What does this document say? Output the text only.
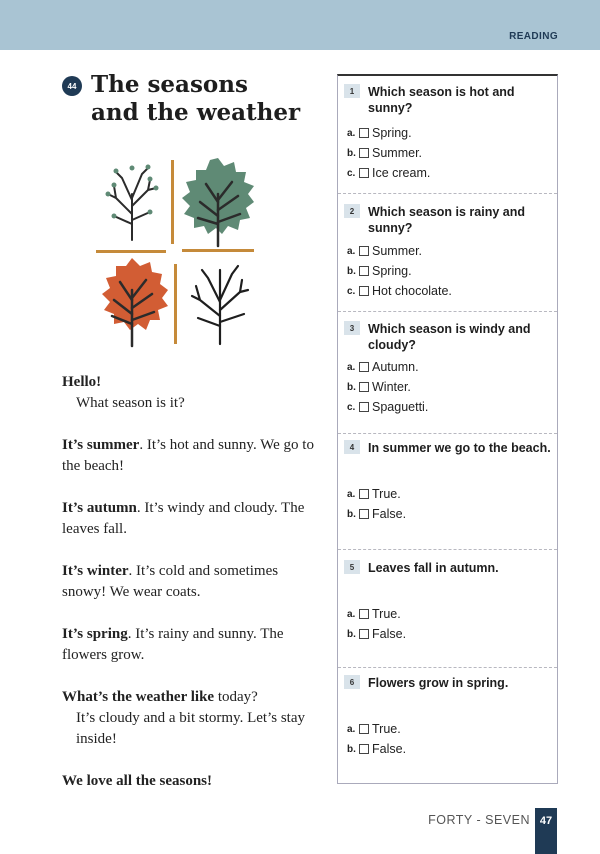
READING
44 The seasons
and the weather

Hello!
What season is it?

It’s summer. It’s hot and sunny. We go to the beach!

It’s autumn. It’s windy and cloudy. The leaves fall.

It’s winter. It’s cold and sometimes snowy! We wear coats.

It’s spring. It’s rainy and sunny. The flowers grow.

What’s the weather like today?
It’s cloudy and a bit stormy. Let’s stay inside!

We love all the seasons!

1	Which season is hot and sunny?
a. Spring.
b. Summer.
c. Ice cream.
2	Which season is rainy and sunny?
a. Summer.
b. Spring.
c. Hot chocolate.
3	Which season is windy and cloudy?
a. Autumn.
b. Winter.
c. Spaguetti.
4	In summer we go to the beach.
a. True.
b. False.
5	Leaves fall in autumn.
a. True.
b. False.
6	Flowers grow in spring.
a. True.
b. False.
FORTY - SEVEN 47
